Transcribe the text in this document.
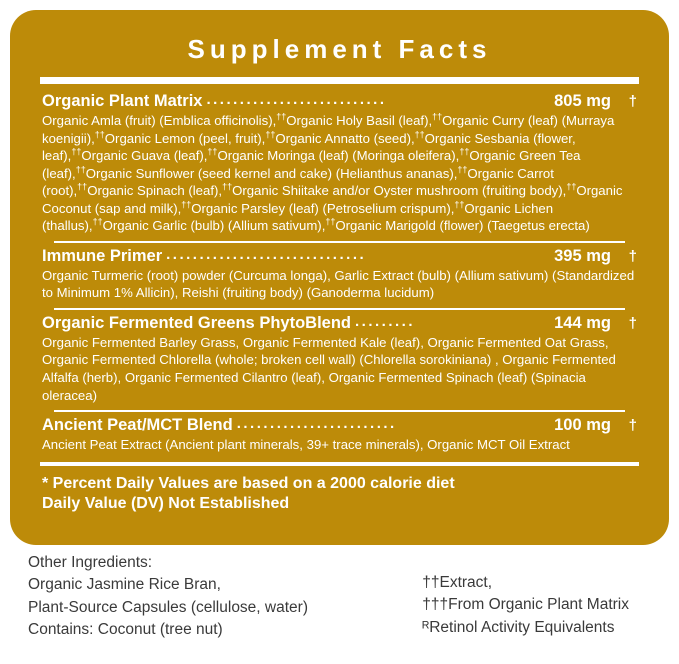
Supplement Facts
Organic Plant Matrix ...........................	805 mg	†
Organic Amla (fruit) (Emblica officinolis),††Organic Holy Basil (leaf),††Organic Curry (leaf) (Murraya koenigii),††Organic Lemon (peel, fruit),††Organic Annatto (seed),††Organic Sesbania (flower, leaf),††Organic Guava (leaf),††Organic Moringa (leaf) (Moringa oleifera),††Organic Green Tea (leaf),††Organic Sunflower (seed kernel and cake) (Helianthus ananas),††Organic Carrot (root),††Organic Spinach (leaf),††Organic Shiitake and/or Oyster mushroom (fruiting body),††Organic Coconut (sap and milk),††Organic Parsley (leaf) (Petroselium crispum),††Organic Lichen (thallus),††Organic Garlic (bulb) (Allium sativum),††Organic Marigold (flower) (Taegetus erecta)
Immune Primer ..............................	395 mg	†
Organic Turmeric (root) powder (Curcuma longa), Garlic Extract (bulb) (Allium sativum) (Standardized to Minimum 1% Allicin), Reishi (fruiting body) (Ganoderma lucidum)
Organic Fermented Greens PhytoBlend .........	144 mg	†
Organic Fermented Barley Grass, Organic Fermented Kale (leaf), Organic Fermented Oat Grass, Organic Fermented Chlorella (whole; broken cell wall) (Chlorella sorokiniana) , Organic Fermented Alfalfa (herb), Organic Fermented Cilantro (leaf), Organic Fermented Spinach (leaf) (Spinacia oleracea)
Ancient Peat/MCT Blend ........................	100 mg	†
Ancient Peat Extract (Ancient plant minerals, 39+ trace minerals), Organic MCT Oil Extract
* Percent Daily Values are based on a 2000 calorie diet
Daily Value (DV) Not Established
Other Ingredients:
Organic Jasmine Rice Bran,
Plant-Source Capsules (cellulose, water)
Contains: Coconut (tree nut)
††Extract,
†††From Organic Plant Matrix
ᴿRetinol Activity Equivalents
